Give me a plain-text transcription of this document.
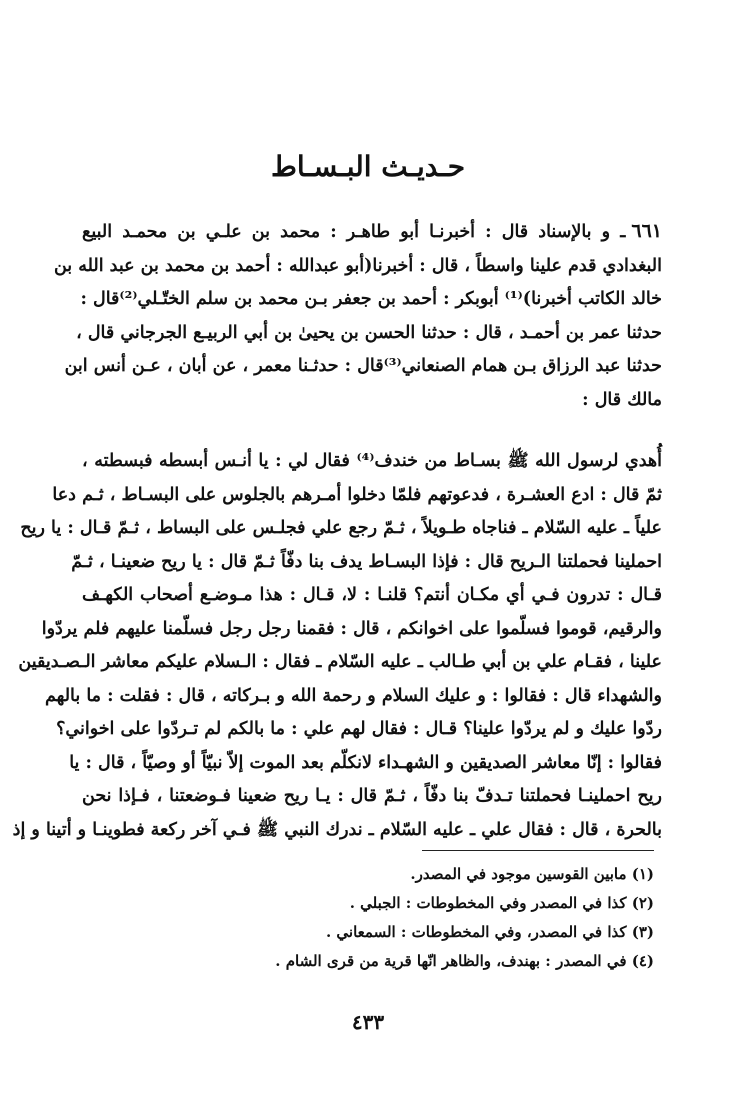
حـديـث البـسـاط
٦٦١ـ و بالإسناد قال : أخبرنـا أبو طاهـر : محمد بن علـي بن محمـد البيع
البغدادي قدم علينا واسطاً ، قال : أخبرنا(أبو عبدالله : أحمد بن محمد بن عبد الله بن
خالد الكاتب أخبرنا)⁽¹⁾ أبوبكر : أحمد بن جعفر بـن محمد بن سلم الختّـلي⁽²⁾قال :
حدثنا عمر بن أحمـد ، قال : حدثنا الحسن بن يحيىٰ بن أبي الربيـع الجرجاني قال ،
حدثنا عبد الرزاق بـن همام الصنعاني⁽³⁾قال : حدثـنا معمر ، عن أبان ، عـن أنس ابن
مالك قال :
أُهدي لرسول الله ﷺ بسـاط من خندف⁽⁴⁾ فقال لي : يا أنـس أبسطه فبسطته ،
ثمّ قال : ادع العشـرة ، فدعوتهم فلمّا دخلوا أمـرهم بالجلوس على البسـاط ، ثـم دعا
علياً ـ عليه السّلام ـ فناجاه طـويلاً ، ثـمّ رجع علي فجلـس على البساط ، ثـمّ قـال : يا ريح
احملينا فحملتنا الـريح قال : فإذا البسـاط يدف بنا دفّاً ثـمّ قال : يا ريح ضعينـا ، ثـمّ
قـال : تدرون فـي أي مكـان أنتم؟ قلنـا : لا، قـال : هذا مـوضـع أصحاب الكهـف
والرقيم، قوموا فسلّموا على اخوانكم ، قال : فقمنا رجل رجل فسلّمنا عليهم فلم يردّوا
علينا ، فقـام علي بن أبي طـالب ـ عليه السّلام ـ فقال : الـسلام عليكم معاشر الـصـديقين
والشهداء قال : فقالوا : و عليك السلام و رحمة الله و بـركاته ، قال : فقلت : ما بالهم
ردّوا عليك و لم يردّوا علينا؟ قـال : فقال لهم علي : ما بالكم لم تـردّوا على اخواني؟
فقالوا : إنّا معاشر الصديقين و الشهـداء لانكلّم بعد الموت إلاّ نبيّاً أو وصيّاً ، قال : يا
ريح احملينـا فحملتنا تـدفّ بنا دفّاً ، ثـمّ قال : يـا ريح ضعينا فـوضعتنا ، فـإذا نحن
بالحرة ، قال : فقال علي ـ عليه السّلام ـ ندرك النبي ﷺ فـي آخر ركعة فطوينـا و أتينا و إذ
(١) مابين القوسين موجود في المصدر.
(٢) كذا في المصدر وفي المخطوطات : الجبلي .
(٣) كذا في المصدر، وفي المخطوطات : السمعاني .
(٤) في المصدر : بهندف، والظاهر انّها قرية من قرى الشام .
٤٣٣
